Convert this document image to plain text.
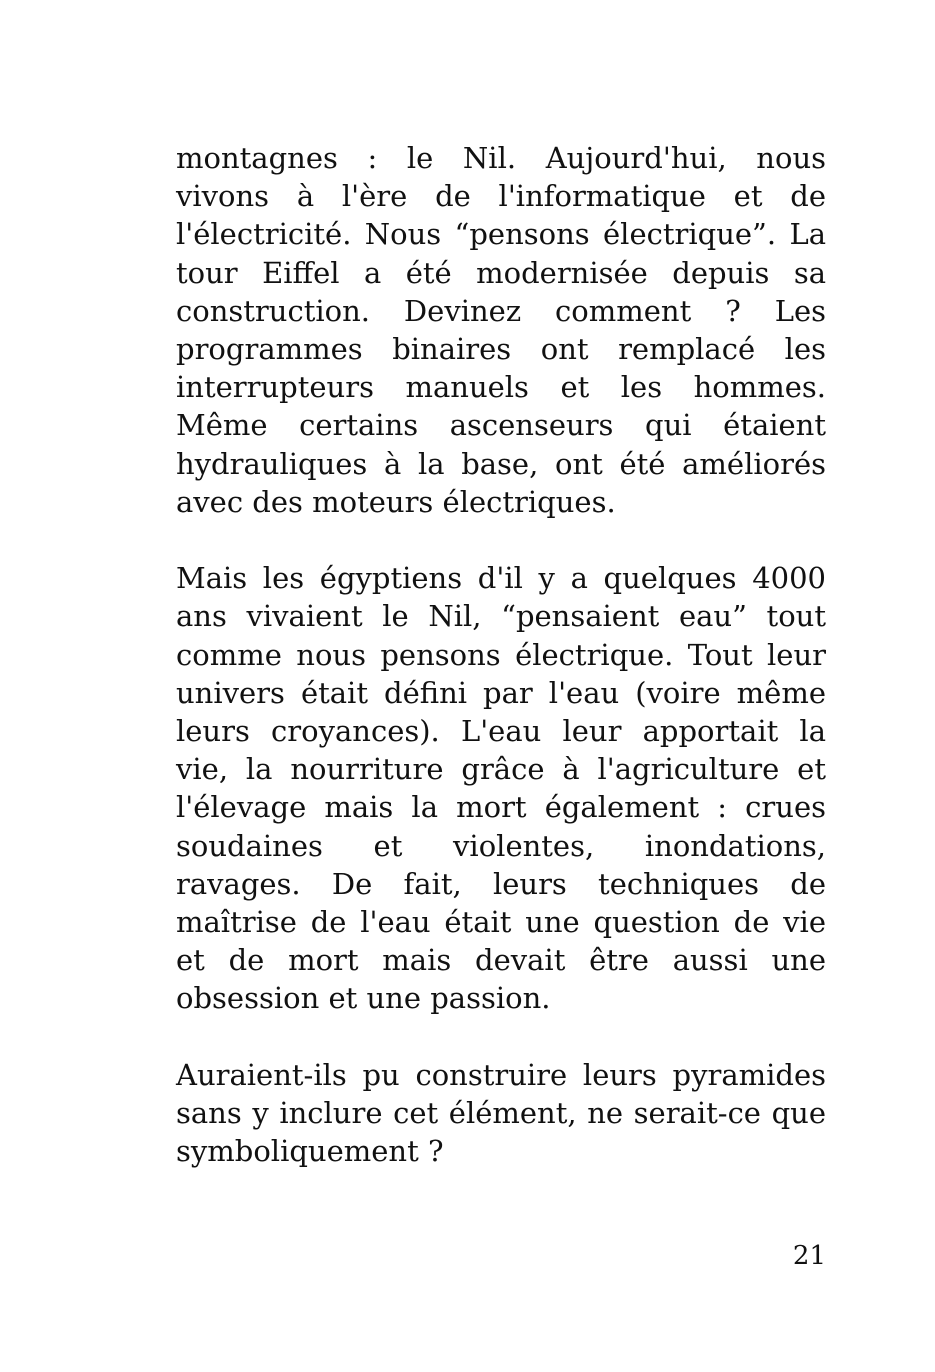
montagnes : le Nil. Aujourd'hui, nous vivons à l'ère de l'informatique et de l'électricité. Nous “pensons électrique”. La tour Eiffel a été modernisée depuis sa construction. Devinez comment ? Les programmes binaires ont remplacé les interrupteurs manuels et les hommes. Même certains ascenseurs qui étaient hydrauliques à la base, ont été améliorés avec des moteurs électriques.

Mais les égyptiens d'il y a quelques 4000 ans vivaient le Nil, “pensaient eau” tout comme nous pensons électrique. Tout leur univers était défini par l'eau (voire même leurs croyances). L'eau leur apportait la vie, la nourriture grâce à l'agriculture et l'élevage mais la mort également : crues soudaines et violentes, inondations, ravages. De fait, leurs techniques de maîtrise de l'eau était une question de vie et de mort mais devait être aussi une obsession et une passion.

Auraient-ils pu construire leurs pyramides sans y inclure cet élément, ne serait-ce que symboliquement ?

21
